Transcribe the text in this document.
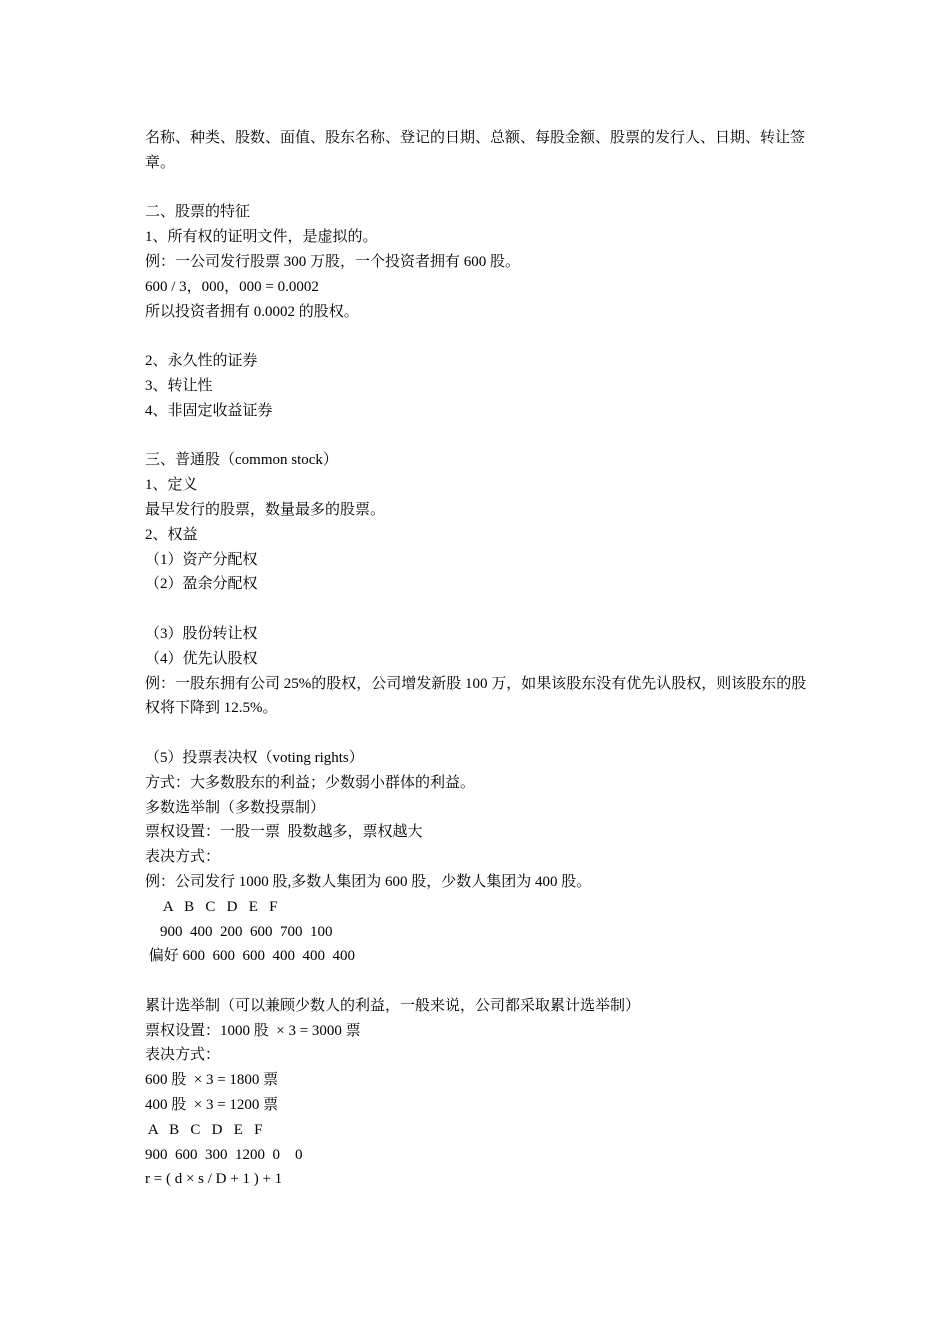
名称、种类、股数、面值、股东名称、登记的日期、总额、每股金额、股票的发行人、日期、转让签章。
二、股票的特征
1、所有权的证明文件，是虚拟的。
例：一公司发行股票 300 万股，一个投资者拥有 600 股。
600 / 3，000，000 = 0.0002
所以投资者拥有 0.0002 的股权。
2、永久性的证券
3、转让性
4、非固定收益证券
三、普通股（common stock）
1、定义
最早发行的股票，数量最多的股票。
2、权益
（1）资产分配权
（2）盈余分配权
（3）股份转让权
（4）优先认股权
例：一股东拥有公司 25%的股权，公司增发新股 100 万，如果该股东没有优先认股权，则该股东的股权将下降到 12.5%。
（5）投票表决权（voting rights）
方式：大多数股东的利益；少数弱小群体的利益。
多数选举制（多数投票制）
票权设置：一股一票  股数越多，票权越大
表决方式：
例：公司发行 1000 股,多数人集团为 600 股，少数人集团为 400 股。
A   B   C   D   E   F
900  400  200  600  700  100
偏好 600  600  600  400  400  400
累计选举制（可以兼顾少数人的利益，一般来说，公司都采取累计选举制）
票权设置：1000 股  × 3 = 3000 票
表决方式：
600 股  × 3 = 1800 票
400 股  × 3 = 1200 票
A   B   C   D   E   F
900  600  300  1200  0    0
r = ( d × s / D + 1 ) + 1
